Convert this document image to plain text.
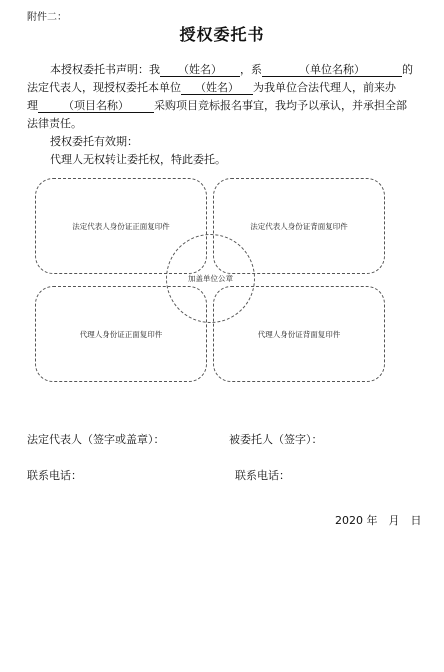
附件二：
授权委托书
本授权委托书声明：我 （姓名） ，系	（单位名称）	的
法定代表人，现授权委托本单位 （姓名） 为我单位合法代理人，前来办
理 （项目名称） 采购项目竞标报名事宜，我均予以承认，并承担全部
法律责任。
授权委托有效期：
代理人无权转让委托权，特此委托。
法定代表人身份证正面复印件	法定代表人身份证背面复印件
代理人身份证正面复印件	代理人身份证背面复印件
加盖单位公章
法定代表人（签字或盖章）：	被委托人（签字）：
联系电话：	联系电话：
2020 年　月　日
